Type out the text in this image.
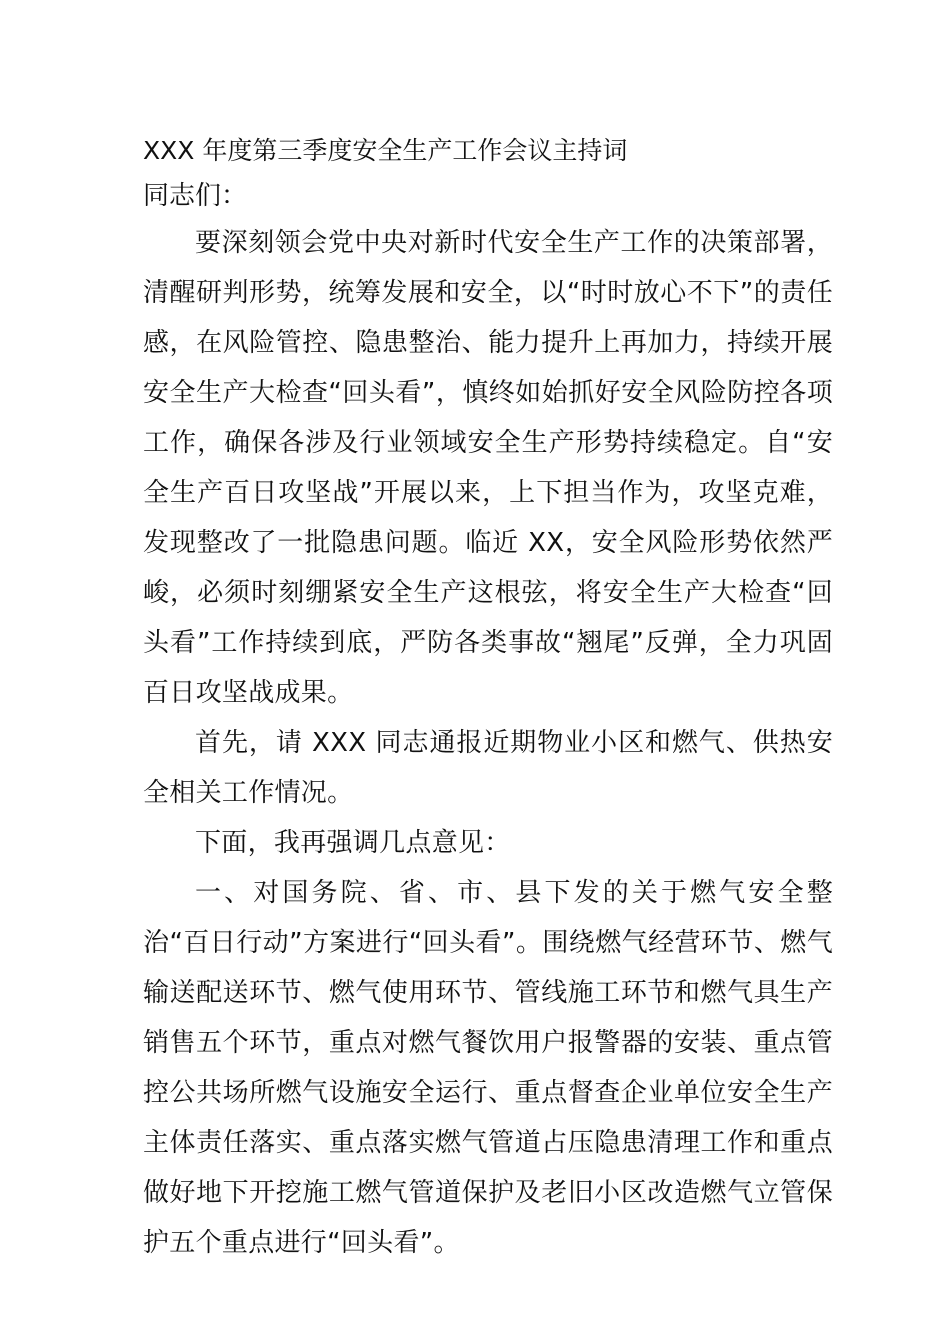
XXX 年度第三季度安全生产工作会议主持词

同志们：

要深刻领会党中央对新时代安全生产工作的决策部署，清醒研判形势，统筹发展和安全，以“时时放心不下”的责任感，在风险管控、隐患整治、能力提升上再加力，持续开展安全生产大检查“回头看”，慎终如始抓好安全风险防控各项工作，确保各涉及行业领域安全生产形势持续稳定。自“安全生产百日攻坚战”开展以来，上下担当作为，攻坚克难，发现整改了一批隐患问题。临近 XX，安全风险形势依然严峻，必须时刻绷紧安全生产这根弦，将安全生产大检查“回头看”工作持续到底，严防各类事故“翘尾”反弹，全力巩固百日攻坚战成果。

首先，请 XXX 同志通报近期物业小区和燃气、供热安全相关工作情况。

下面，我再强调几点意见：

一、对国务院、省、市、县下发的关于燃气安全整治“百日行动”方案进行“回头看”。围绕燃气经营环节、燃气输送配送环节、燃气使用环节、管线施工环节和燃气具生产销售五个环节，重点对燃气餐饮用户报警器的安装、重点管控公共场所燃气设施安全运行、重点督查企业单位安全生产主体责任落实、重点落实燃气管道占压隐患清理工作和重点做好地下开挖施工燃气管道保护及老旧小区改造燃气立管保护五个重点进行“回头看”。
